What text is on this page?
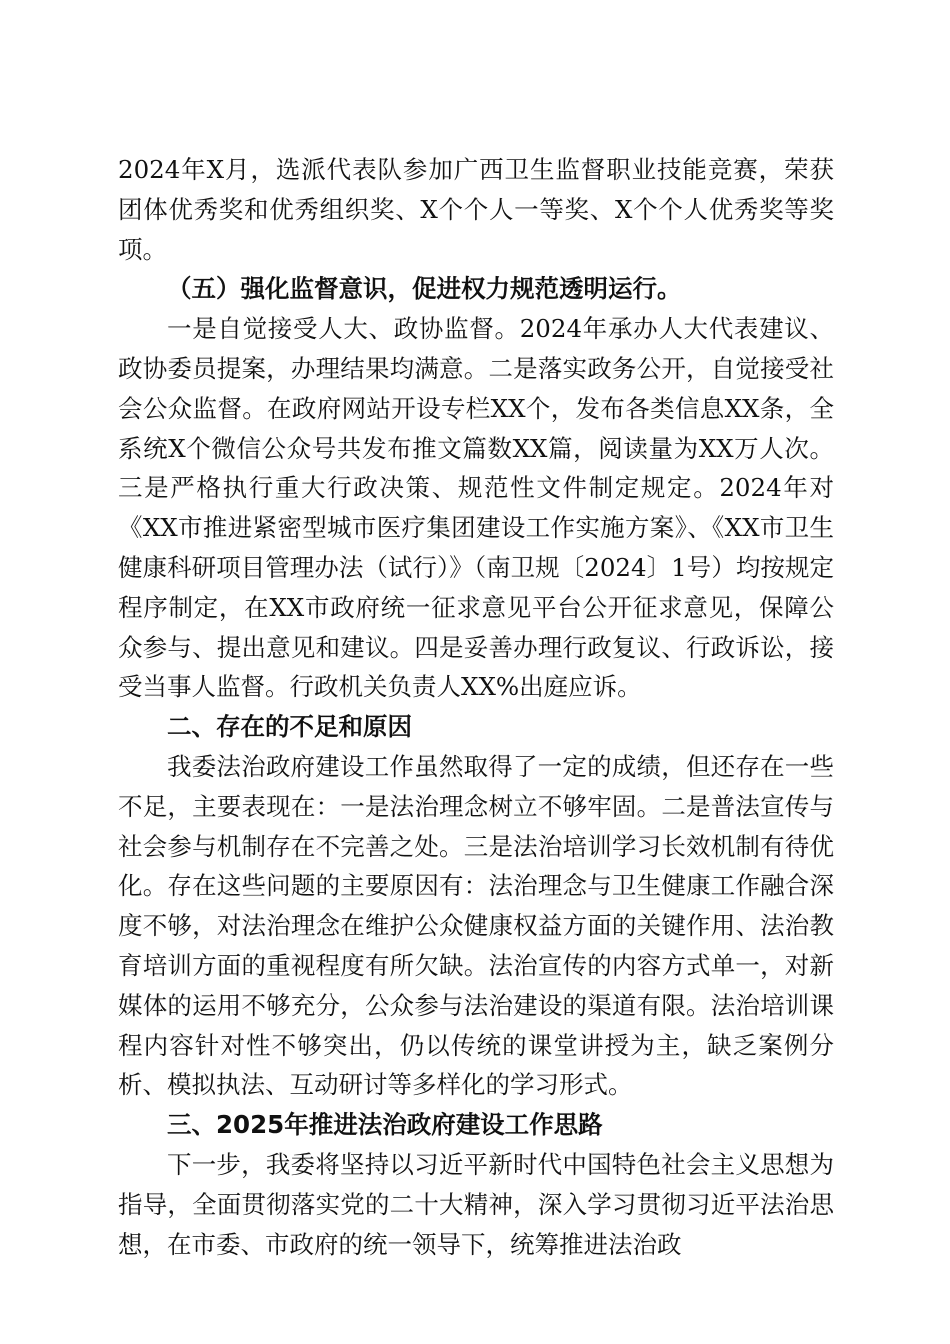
2024年X月，选派代表队参加广西卫生监督职业技能竞赛，荣获团体优秀奖和优秀组织奖、X个个人一等奖、X个个人优秀奖等奖项。

（五）强化监督意识，促进权力规范透明运行。

一是自觉接受人大、政协监督。2024年承办人大代表建议、政协委员提案，办理结果均满意。二是落实政务公开，自觉接受社会公众监督。在政府网站开设专栏XX个，发布各类信息XX条，全系统X个微信公众号共发布推文篇数XX篇，阅读量为XX万人次。三是严格执行重大行政决策、规范性文件制定规定。2024年对《XX市推进紧密型城市医疗集团建设工作实施方案》、《XX市卫生健康科研项目管理办法（试行）》（南卫规〔2024〕1号）均按规定程序制定，在XX市政府统一征求意见平台公开征求意见，保障公众参与、提出意见和建议。四是妥善办理行政复议、行政诉讼，接受当事人监督。行政机关负责人XX%出庭应诉。

二、存在的不足和原因

我委法治政府建设工作虽然取得了一定的成绩，但还存在一些不足，主要表现在：一是法治理念树立不够牢固。二是普法宣传与社会参与机制存在不完善之处。三是法治培训学习长效机制有待优化。存在这些问题的主要原因有：法治理念与卫生健康工作融合深度不够，对法治理念在维护公众健康权益方面的关键作用、法治教育培训方面的重视程度有所欠缺。法治宣传的内容方式单一，对新媒体的运用不够充分，公众参与法治建设的渠道有限。法治培训课程内容针对性不够突出，仍以传统的课堂讲授为主，缺乏案例分析、模拟执法、互动研讨等多样化的学习形式。

三、2025年推进法治政府建设工作思路

下一步，我委将坚持以习近平新时代中国特色社会主义思想为指导，全面贯彻落实党的二十大精神，深入学习贯彻习近平法治思想，在市委、市政府的统一领导下，统筹推进法治政
